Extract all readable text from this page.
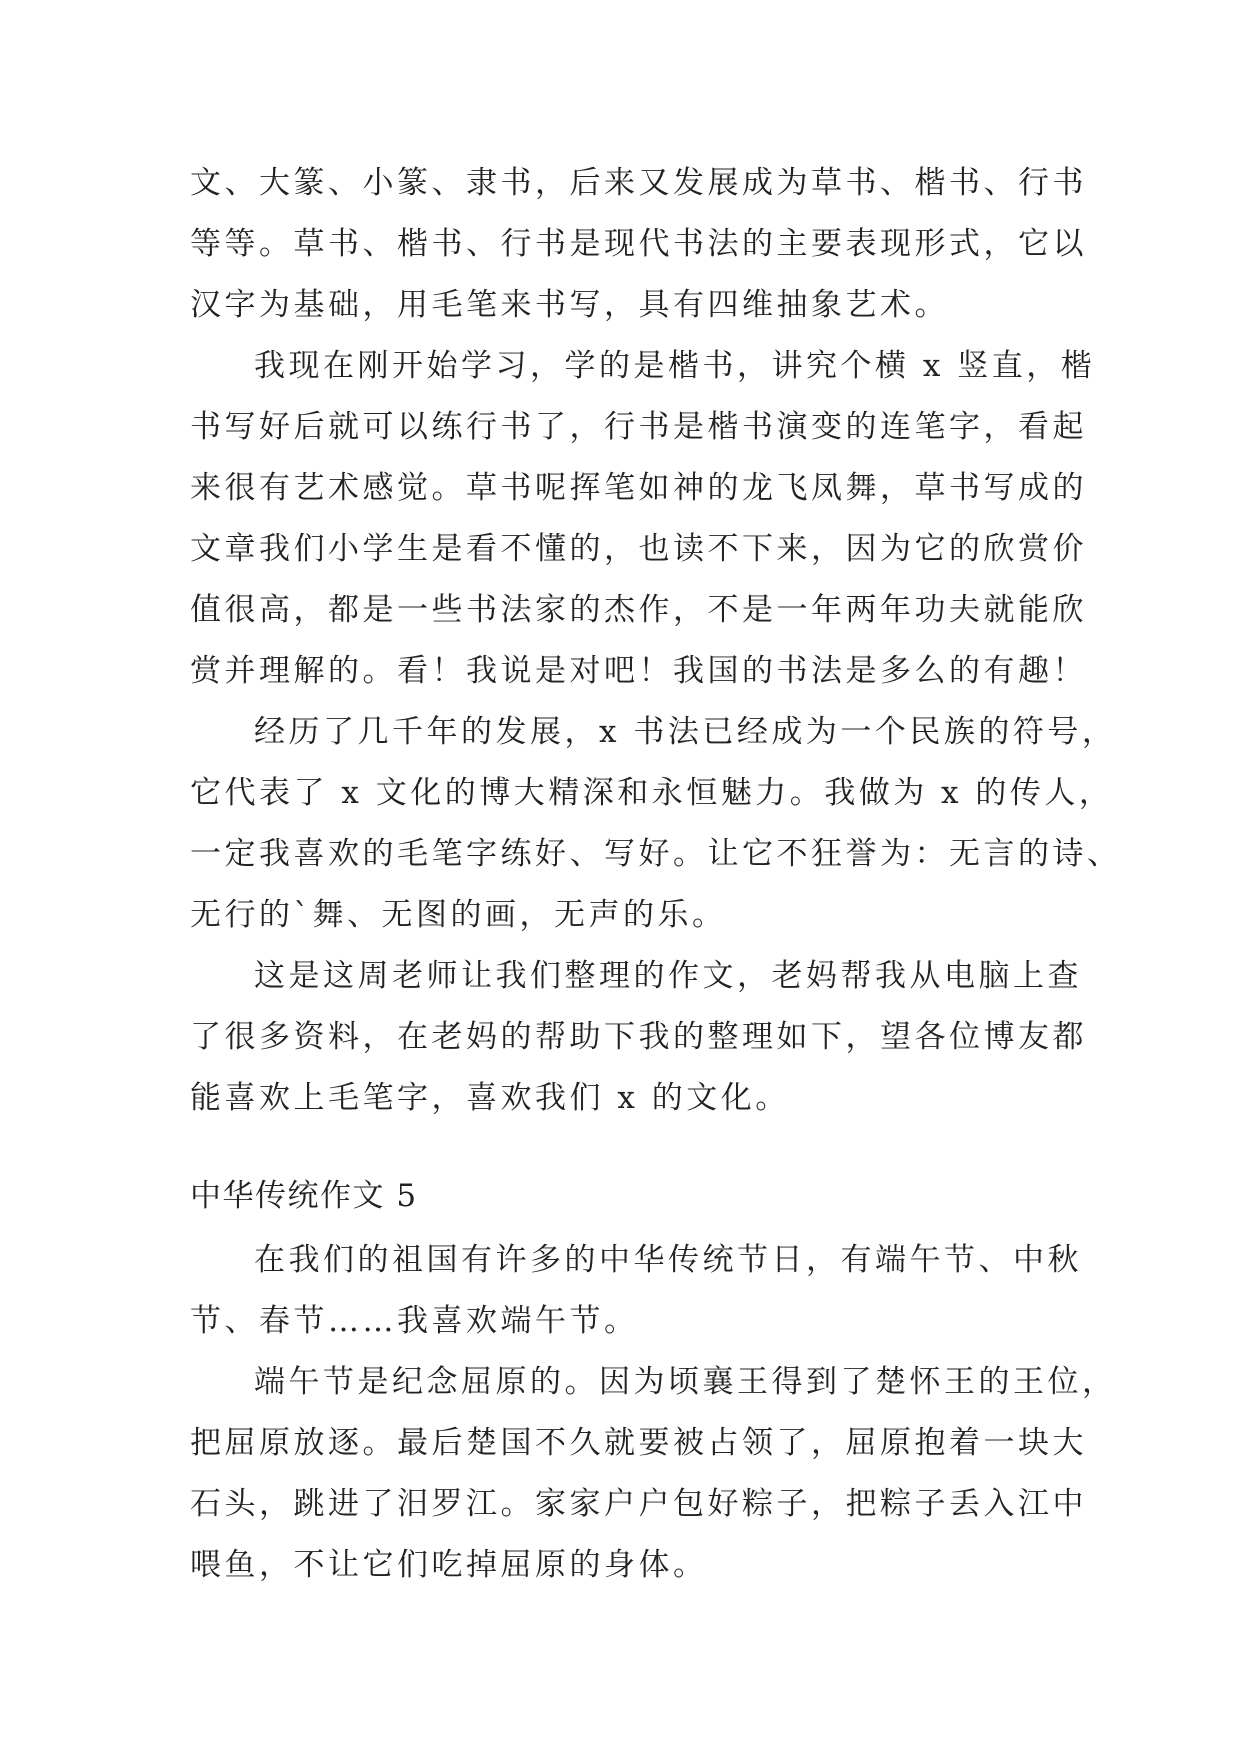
文、大篆、小篆、隶书，后来又发展成为草书、楷书、行书
等等。草书、楷书、行书是现代书法的主要表现形式，它以
汉字为基础，用毛笔来书写，具有四维抽象艺术。
我现在刚开始学习，学的是楷书，讲究个横 x 竖直，楷
书写好后就可以练行书了，行书是楷书演变的连笔字，看起
来很有艺术感觉。草书呢挥笔如神的龙飞凤舞，草书写成的
文章我们小学生是看不懂的，也读不下来，因为它的欣赏价
值很高，都是一些书法家的杰作，不是一年两年功夫就能欣
赏并理解的。看！我说是对吧！我国的书法是多么的有趣！
经历了几千年的发展，x 书法已经成为一个民族的符号，
它代表了 x 文化的博大精深和永恒魅力。我做为 x 的传人，
一定我喜欢的毛笔字练好、写好。让它不狂誉为：无言的诗、
无行的`舞、无图的画，无声的乐。
这是这周老师让我们整理的作文，老妈帮我从电脑上查
了很多资料，在老妈的帮助下我的整理如下，望各位博友都
能喜欢上毛笔字，喜欢我们 x 的文化。
中华传统作文 5
在我们的祖国有许多的中华传统节日，有端午节、中秋
节、春节……我喜欢端午节。
端午节是纪念屈原的。因为顷襄王得到了楚怀王的王位，
把屈原放逐。最后楚国不久就要被占领了，屈原抱着一块大
石头，跳进了汨罗江。家家户户包好粽子，把粽子丢入江中
喂鱼，不让它们吃掉屈原的身体。
